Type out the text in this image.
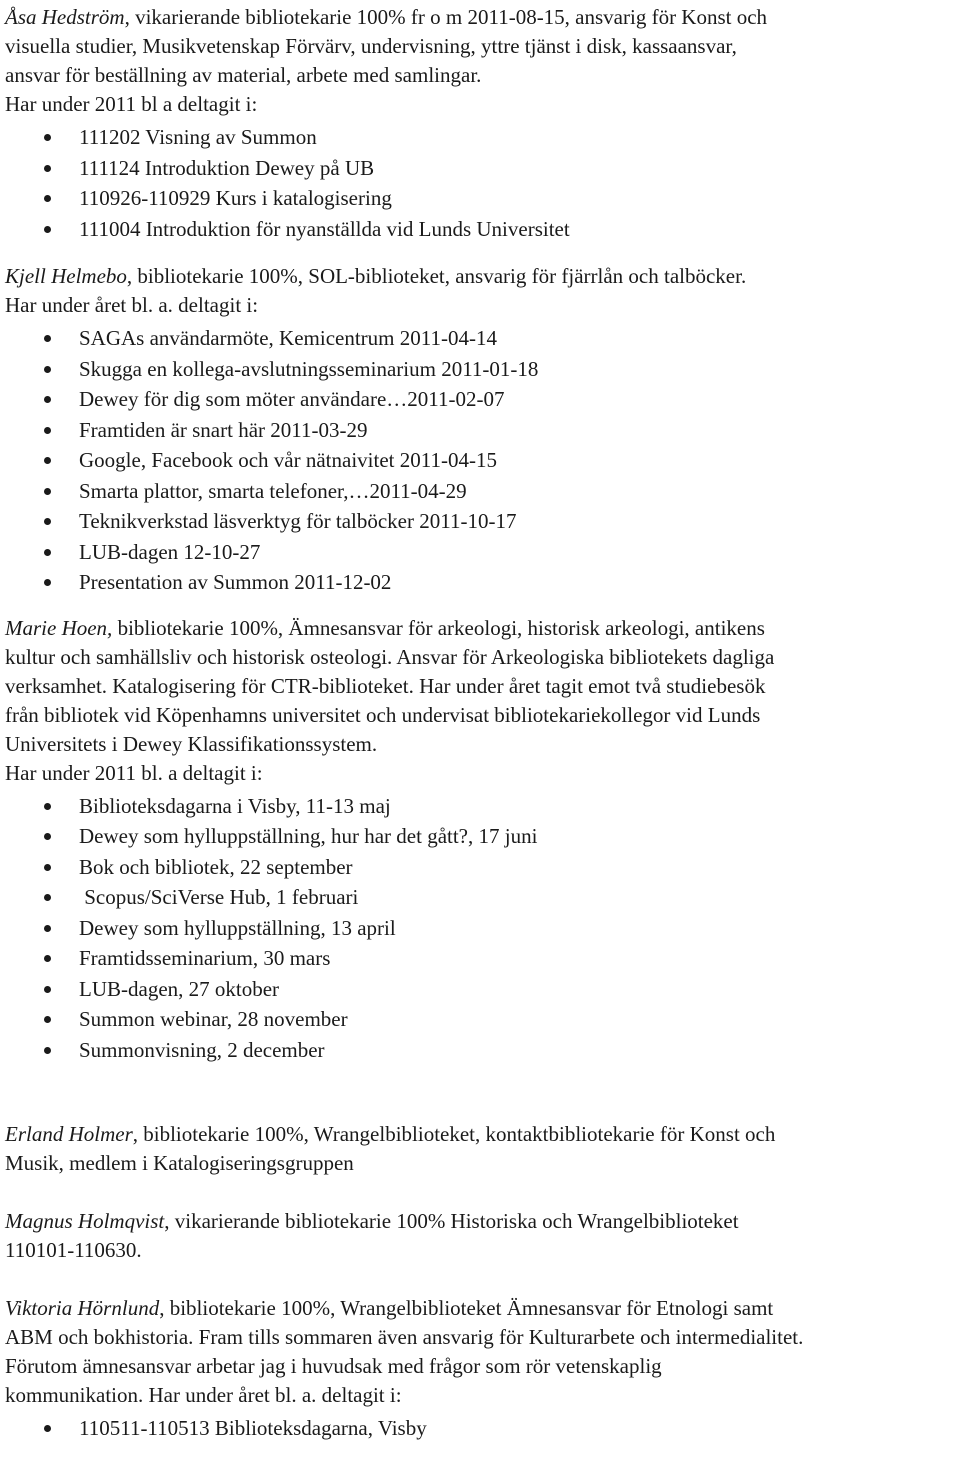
Åsa Hedström, vikarierande bibliotekarie 100% fr o m 2011-08-15, ansvarig för Konst och
visuella studier, Musikvetenskap Förvärv, undervisning, yttre tjänst i disk, kassaansvar,
ansvar för beställning av material, arbete med samlingar.
Har under 2011 bl a deltagit i:
111202 Visning av Summon
111124 Introduktion Dewey på UB
110926-110929 Kurs i katalogisering
111004 Introduktion för nyanställda vid Lunds Universitet
Kjell Helmebo, bibliotekarie 100%, SOL-biblioteket, ansvarig för fjärrlån och talböcker.
Har under året bl. a. deltagit i:
SAGAs användarmöte, Kemicentrum 2011-04-14
Skugga en kollega-avslutningsseminarium 2011-01-18
Dewey för dig som möter användare…2011-02-07
Framtiden är snart här 2011-03-29
Google, Facebook och vår nätnaivitet 2011-04-15
Smarta plattor, smarta telefoner,…2011-04-29
Teknikverkstad läsverktyg för talböcker 2011-10-17
LUB-dagen 12-10-27
Presentation av Summon 2011-12-02
Marie Hoen, bibliotekarie 100%, Ämnesansvar för arkeologi, historisk arkeologi, antikens
kultur och samhällsliv och historisk osteologi. Ansvar för Arkeologiska bibliotekets dagliga
verksamhet. Katalogisering för CTR-biblioteket. Har under året tagit emot två studiebesök
från bibliotek vid Köpenhamns universitet och undervisat bibliotekariekollegor vid Lunds
Universitets i Dewey Klassifikationssystem.
Har under 2011 bl. a deltagit i:
Biblioteksdagarna i Visby, 11-13 maj
Dewey som hylluppställning, hur har det gått?, 17 juni
Bok och bibliotek, 22 september
Scopus/SciVerse Hub, 1 februari
Dewey som hylluppställning, 13 april
Framtidsseminarium, 30 mars
LUB-dagen, 27 oktober
Summon webinar, 28 november
Summonvisning, 2 december
Erland Holmer, bibliotekarie 100%, Wrangelbiblioteket, kontaktbibliotekarie för Konst och
Musik, medlem i Katalogiseringsgruppen
Magnus Holmqvist, vikarierande bibliotekarie 100% Historiska och Wrangelbiblioteket
110101-110630.
Viktoria Hörnlund, bibliotekarie 100%, Wrangelbiblioteket Ämnesansvar för Etnologi samt
ABM och bokhistoria. Fram tills sommaren även ansvarig för Kulturarbete och intermedialitet.
Förutom ämnesansvar arbetar jag i huvudsak med frågor som rör vetenskaplig
kommunikation. Har under året bl. a. deltagit i:
110511-110513 Biblioteksdagarna, Visby
